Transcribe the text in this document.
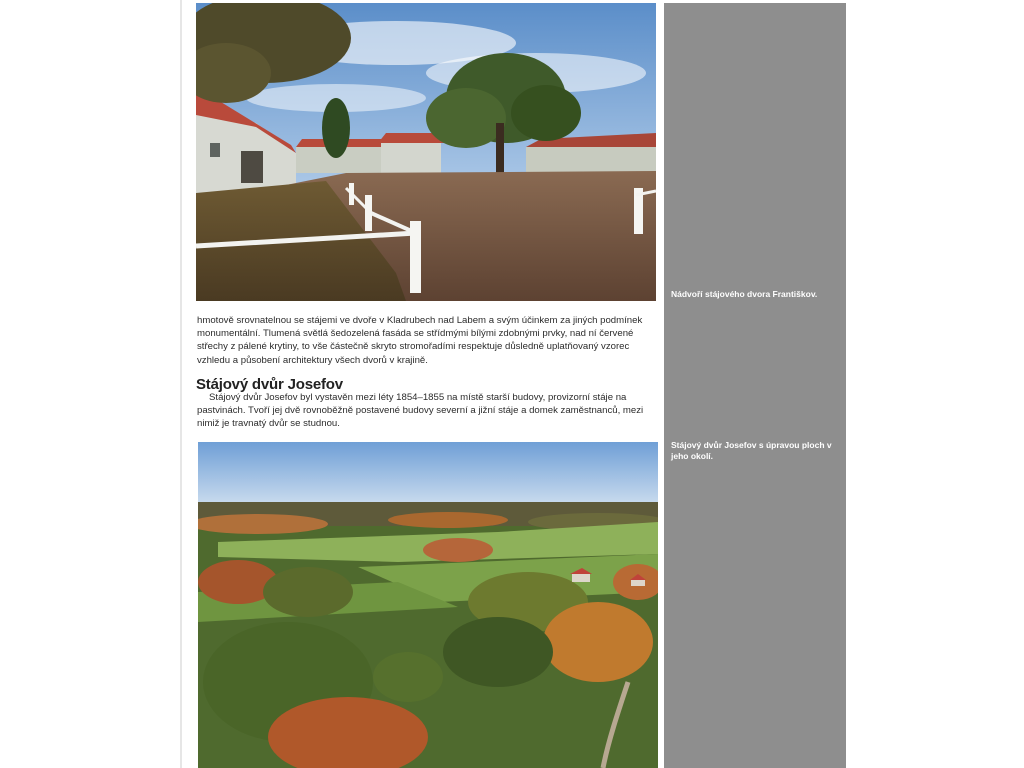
Nádvoří stájového dvora Františkov.
Stájový dvůr Josefov s úpravou ploch v jeho okolí.

hmotově srovnatelnou se stájemi ve dvoře v Kladrubech nad Labem a svým účinkem za jiných podmínek monumentální. Tlumená světlá šedozelená fasáda se střídmými bílými zdobnými prvky, nad ní červené střechy z pálené krytiny, to vše částečně skryto stromořadími respektuje důsledně uplatňovaný vzorec vzhledu a působení architektury všech dvorů v krajině.

Stájový dvůr Josefov

Stájový dvůr Josefov byl vystavěn mezi léty 1854–1855 na místě starší budovy, provizorní stáje na pastvinách. Tvoří jej dvě rovnoběžně postavené budovy severní a jižní stáje a domek zaměstnanců, mezi nimiž je travnatý dvůr se studnou.
